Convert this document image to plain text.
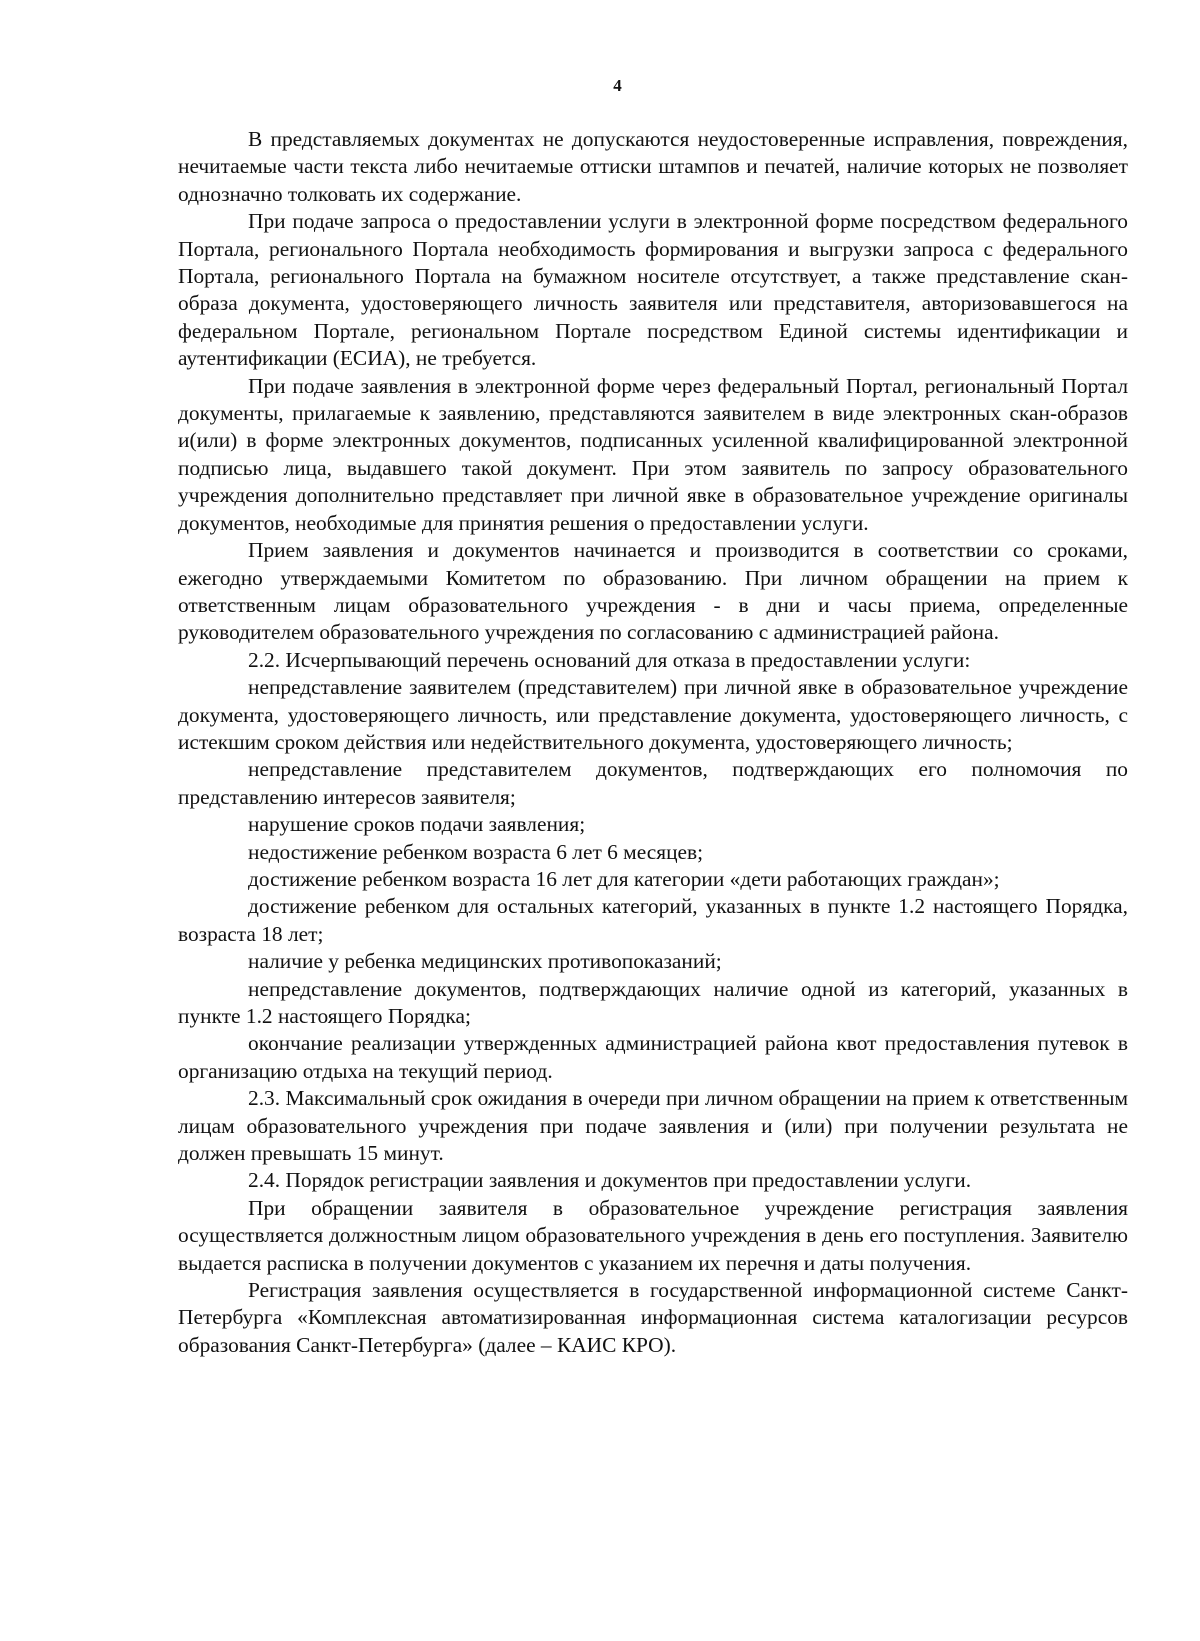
4

В представляемых документах не допускаются неудостоверенные исправления, повреждения, нечитаемые части текста либо нечитаемые оттиски штампов и печатей, наличие которых не позволяет однозначно толковать их содержание.

При подаче запроса о предоставлении услуги в электронной форме посредством федерального Портала, регионального Портала необходимость формирования и выгрузки запроса с федерального Портала, регионального Портала на бумажном носителе отсутствует, а также представление скан-образа документа, удостоверяющего личность заявителя или представителя, авторизовавшегося на федеральном Портале, региональном Портале посредством Единой системы идентификации и аутентификации (ЕСИА), не требуется.

При подаче заявления в электронной форме через федеральный Портал, региональный Портал документы, прилагаемые к заявлению, представляются заявителем в виде электронных скан-образов и(или) в форме электронных документов, подписанных усиленной квалифицированной электронной подписью лица, выдавшего такой документ. При этом заявитель по запросу образовательного учреждения дополнительно представляет при личной явке в образовательное учреждение оригиналы документов, необходимые для принятия решения о предоставлении услуги.

Прием заявления и документов начинается и производится в соответствии со сроками, ежегодно утверждаемыми Комитетом по образованию. При личном обращении на прием к ответственным лицам образовательного учреждения - в дни и часы приема, определенные руководителем образовательного учреждения по согласованию с администрацией района.

2.2. Исчерпывающий перечень оснований для отказа в предоставлении услуги:

непредставление заявителем (представителем) при личной явке в образовательное учреждение документа, удостоверяющего личность, или представление документа, удостоверяющего личность, с истекшим сроком действия или недействительного документа, удостоверяющего личность;

непредставление представителем документов, подтверждающих его полномочия по представлению интересов заявителя;

нарушение сроков подачи заявления;

недостижение ребенком возраста 6 лет 6 месяцев;

достижение ребенком возраста 16 лет для категории «дети работающих граждан»;

достижение ребенком для остальных категорий, указанных в пункте 1.2 настоящего Порядка, возраста 18 лет;

наличие у ребенка медицинских противопоказаний;

непредставление документов, подтверждающих наличие одной из категорий, указанных в пункте 1.2 настоящего Порядка;

окончание реализации утвержденных администрацией района квот предоставления путевок в организацию отдыха на текущий период.

2.3. Максимальный срок ожидания в очереди при личном обращении на прием к ответственным лицам образовательного учреждения при подаче заявления и (или) при получении результата не должен превышать 15 минут.

2.4. Порядок регистрации заявления и документов при предоставлении услуги.

При обращении заявителя в образовательное учреждение регистрация заявления осуществляется должностным лицом образовательного учреждения в день его поступления. Заявителю выдается расписка в получении документов с указанием их перечня и даты получения.

Регистрация заявления осуществляется в государственной информационной системе Санкт-Петербурга «Комплексная автоматизированная информационная система каталогизации ресурсов образования Санкт-Петербурга» (далее – КАИС КРО).
